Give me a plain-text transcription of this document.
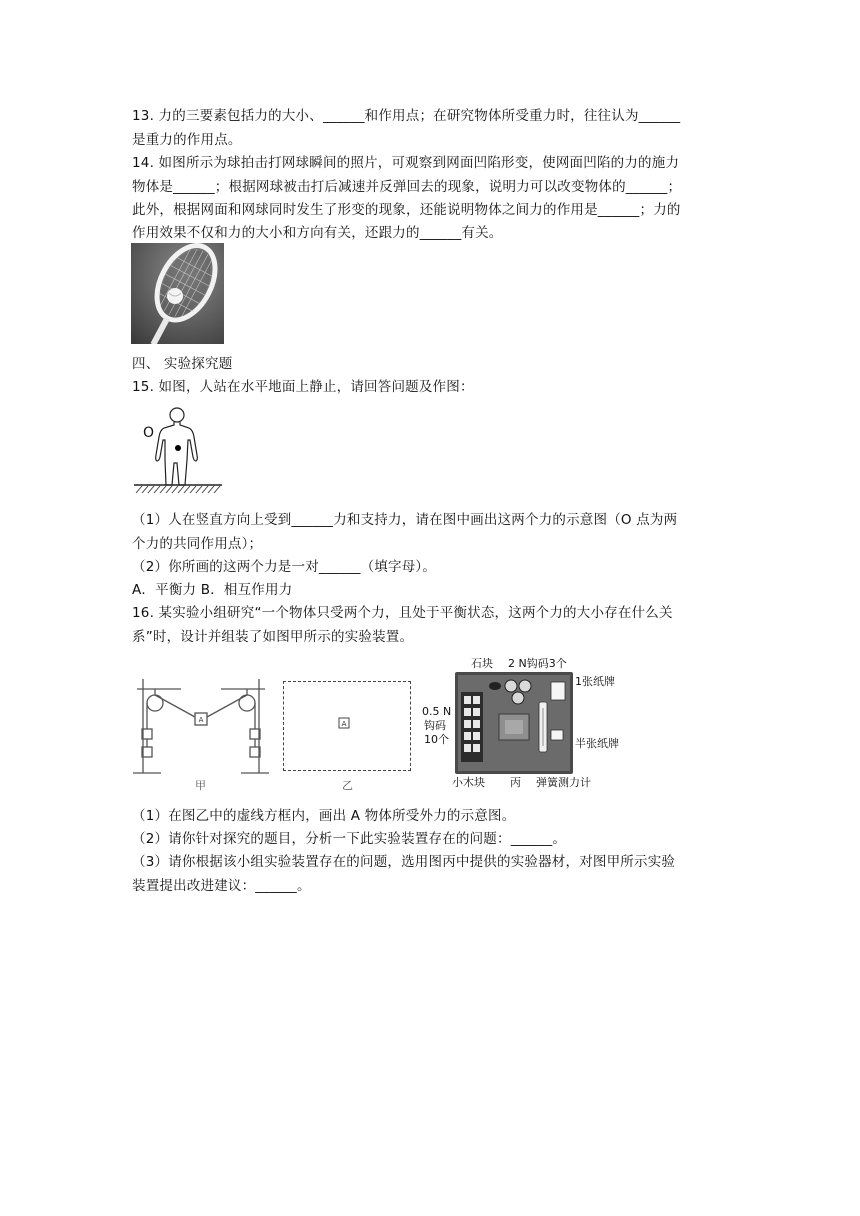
13. 力的三要素包括力的大小、______和作用点；在研究物体所受重力时，往往认为______
是重力的作用点。
14. 如图所示为球拍击打网球瞬间的照片，可观察到网面凹陷形变，使网面凹陷的力的施力
物体是______；根据网球被击打后减速并反弹回去的现象，说明力可以改变物体的______；
此外，根据网面和网球同时发生了形变的现象，还能说明物体之间力的作用是______；力的
作用效果不仅和力的大小和方向有关，还跟力的______有关。
四、 实验探究题
15. 如图，人站在水平地面上静止，请回答问题及作图：
O
（1）人在竖直方向上受到______力和支持力，请在图中画出这两个力的示意图（O 点为两
个力的共同作用点）；
（2）你所画的这两个力是一对______（填字母）。
A．平衡力 B．相互作用力
16. 某实验小组研究“一个物体只受两个力，且处于平衡状态，这两个力的大小存在什么关
系”时，设计并组装了如图甲所示的实验装置。
A
甲
A
乙
石块 2 N钩码3个
1张纸牌
0.5 N
钩码
10个	半张纸牌
小木块 丙 弹簧测力计
（1）在图乙中的虚线方框内，画出 A 物体所受外力的示意图。
（2）请你针对探究的题目，分析一下此实验装置存在的问题：______。
（3）请你根据该小组实验装置存在的问题，选用图丙中提供的实验器材，对图甲所示实验
装置提出改进建议：______。
